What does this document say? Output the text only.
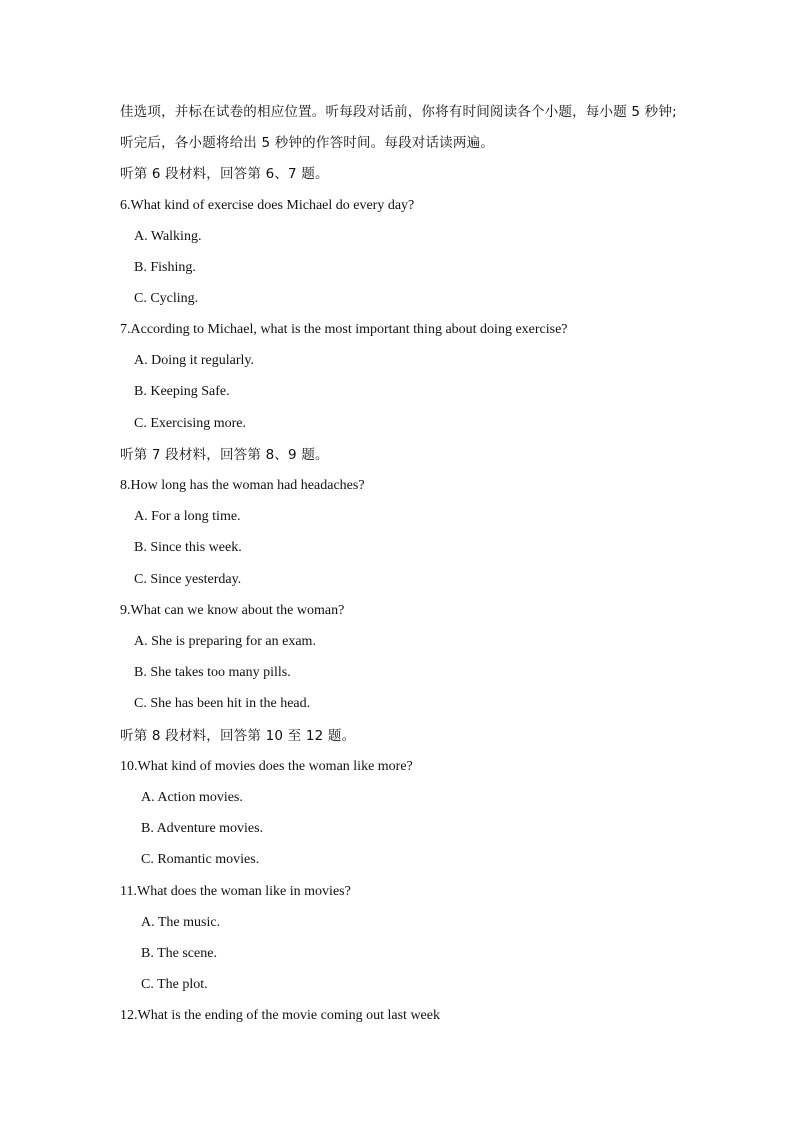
佳选项，并标在试卷的相应位置。听每段对话前，你将有时间阅读各个小题，每小题 5 秒钟;
听完后，各小题将给出 5 秒钟的作答时间。每段对话读两遍。
听第 6 段材料，回答第 6、7 题。
6.What kind of exercise does Michael do every day?
A. Walking.
B. Fishing.
C. Cycling.
7.According to Michael, what is the most important thing about doing exercise?
A. Doing it regularly.
B. Keeping Safe.
C. Exercising more.
听第 7 段材料，回答第 8、9 题。
8.How long has the woman had headaches?
A. For a long time.
B. Since this week.
C. Since yesterday.
9.What can we know about the woman?
A. She is preparing for an exam.
B. She takes too many pills.
C. She has been hit in the head.
听第 8 段材料，回答第 10 至 12 题。
10.What kind of movies does the woman like more?
A. Action movies.
B. Adventure movies.
C. Romantic movies.
11.What does the woman like in movies?
A. The music.
B. The scene.
C. The plot.
12.What is the ending of the movie coming out last week
